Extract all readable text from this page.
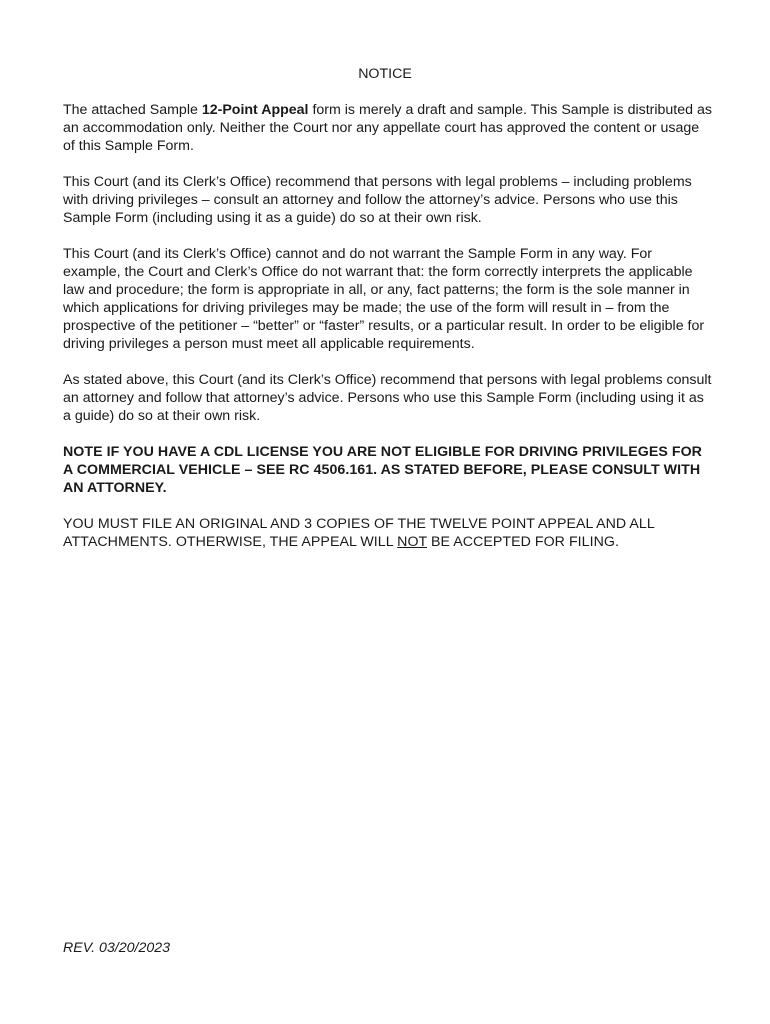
NOTICE

The attached Sample 12-Point Appeal form is merely a draft and sample. This Sample is distributed as an accommodation only. Neither the Court nor any appellate court has approved the content or usage of this Sample Form.

This Court (and its Clerk’s Office) recommend that persons with legal problems – including problems with driving privileges – consult an attorney and follow the attorney’s advice. Persons who use this Sample Form (including using it as a guide) do so at their own risk.

This Court (and its Clerk’s Office) cannot and do not warrant the Sample Form in any way. For example, the Court and Clerk’s Office do not warrant that: the form correctly interprets the applicable law and procedure; the form is appropriate in all, or any, fact patterns; the form is the sole manner in which applications for driving privileges may be made; the use of the form will result in – from the prospective of the petitioner – “better” or “faster” results, or a particular result. In order to be eligible for driving privileges a person must meet all applicable requirements.

As stated above, this Court (and its Clerk’s Office) recommend that persons with legal problems consult an attorney and follow that attorney’s advice. Persons who use this Sample Form (including using it as a guide) do so at their own risk.

NOTE IF YOU HAVE A CDL LICENSE YOU ARE NOT ELIGIBLE FOR DRIVING PRIVILEGES FOR A COMMERCIAL VEHICLE – SEE RC 4506.161. AS STATED BEFORE, PLEASE CONSULT WITH AN ATTORNEY.

YOU MUST FILE AN ORIGINAL AND 3 COPIES OF THE TWELVE POINT APPEAL AND ALL ATTACHMENTS. OTHERWISE, THE APPEAL WILL NOT BE ACCEPTED FOR FILING.

REV. 03/20/2023
